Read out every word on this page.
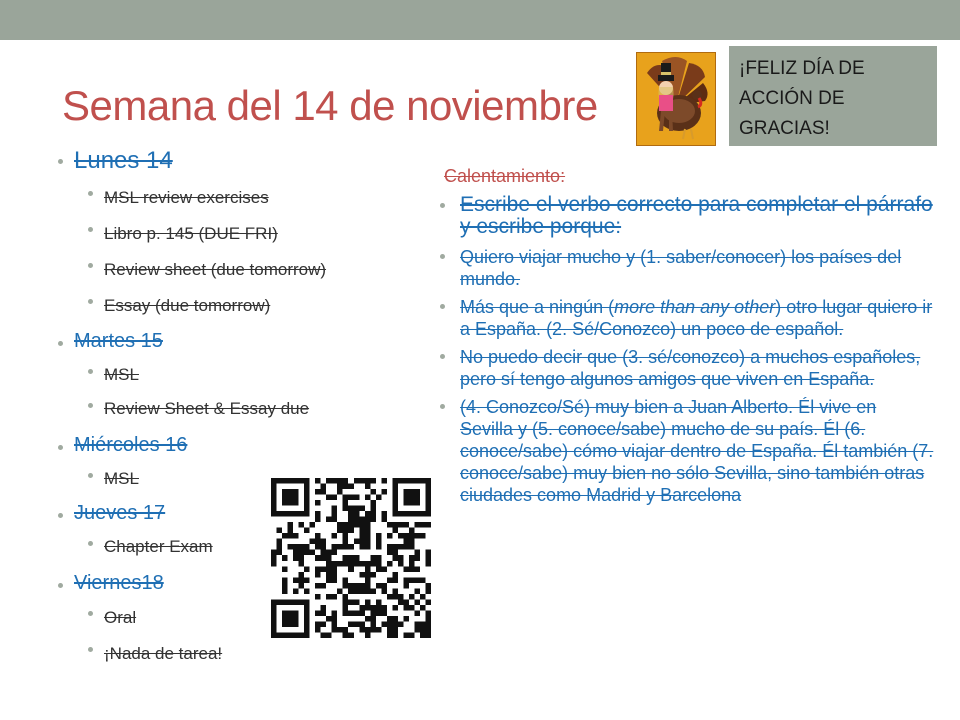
Semana del 14 de noviembre
¡FELIZ DÍA DE
ACCIÓN DE
GRACIAS!
Lunes 14
MSL review exercises
Libro p. 145 (DUE FRI)
Review sheet (due tomorrow)
Essay (due tomorrow)
Martes 15
MSL
Review Sheet & Essay due
Miércoles 16
MSL
Jueves 17
Chapter Exam
Viernes18
Oral
¡Nada de tarea!

Calentamiento:

Escribe el verbo correcto para completar el párrafo y escribe porque:
Quiero viajar mucho y (1. saber/conocer) los países del mundo.
Más que a ningún (more than any other) otro lugar quiero ir a España. (2. Sé/Conozco) un poco de español.
No puedo decir que (3. sé/conozco) a muchos españoles, pero sí tengo algunos amigos que viven en España.
(4. Conozco/Sé) muy bien a Juan Alberto. Él vive en Sevilla y (5. conoce/sabe) mucho de su país. Él (6. conoce/sabe) cómo viajar dentro de España. Él también (7. conoce/sabe) muy bien no sólo Sevilla, sino también otras ciudades como Madrid y Barcelona
